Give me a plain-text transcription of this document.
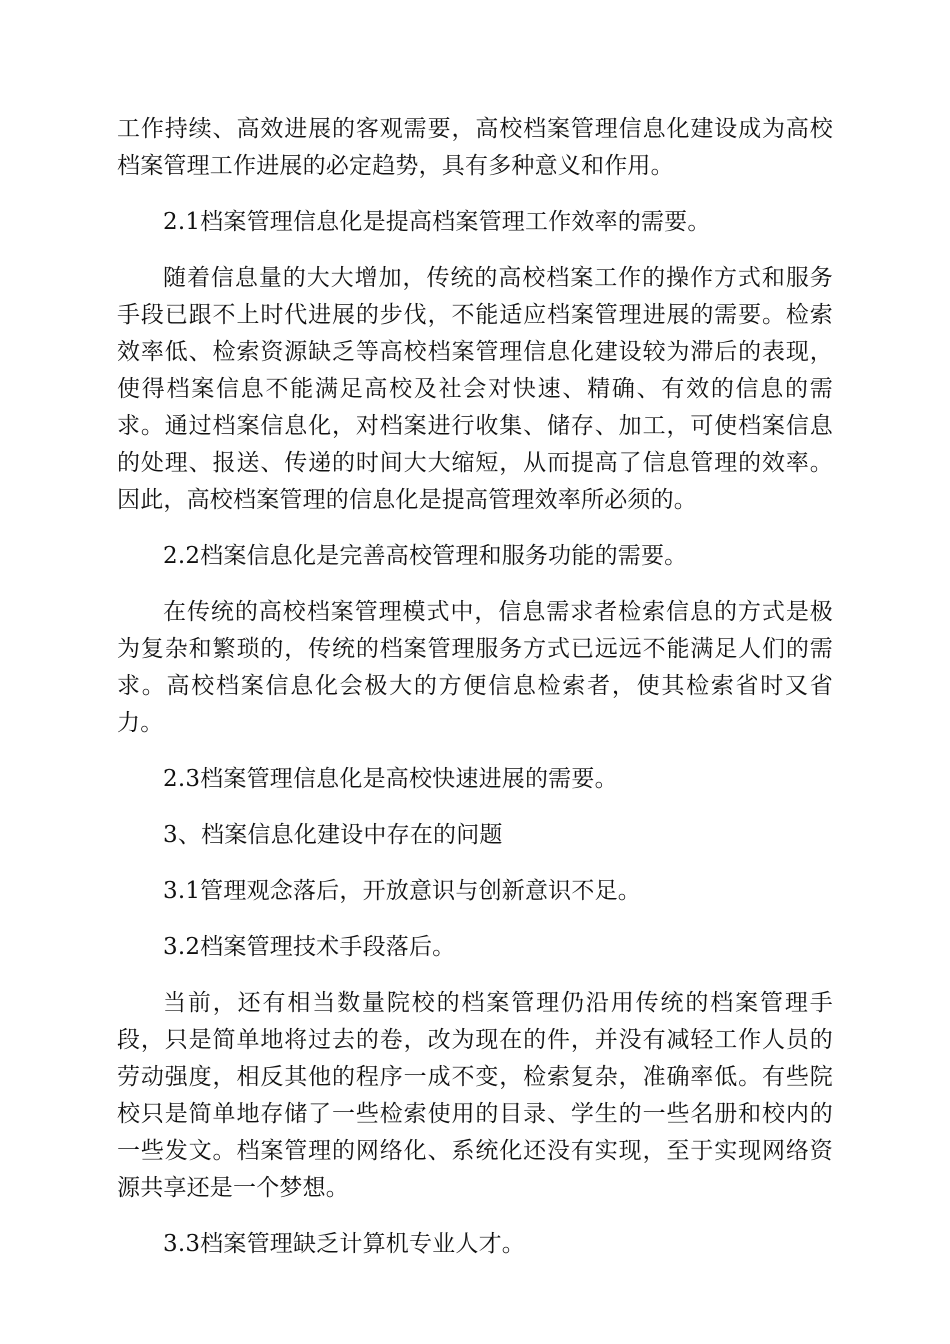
工作持续、高效进展的客观需要，高校档案管理信息化建设成为高校档案管理工作进展的必定趋势，具有多种意义和作用。

2.1档案管理信息化是提高档案管理工作效率的需要。

随着信息量的大大增加，传统的高校档案工作的操作方式和服务手段已跟不上时代进展的步伐，不能适应档案管理进展的需要。检索效率低、检索资源缺乏等高校档案管理信息化建设较为滞后的表现，使得档案信息不能满足高校及社会对快速、精确、有效的信息的需求。通过档案信息化，对档案进行收集、储存、加工，可使档案信息的处理、报送、传递的时间大大缩短，从而提高了信息管理的效率。因此，高校档案管理的信息化是提高管理效率所必须的。

2.2档案信息化是完善高校管理和服务功能的需要。

在传统的高校档案管理模式中，信息需求者检索信息的方式是极为复杂和繁琐的，传统的档案管理服务方式已远远不能满足人们的需求。高校档案信息化会极大的方便信息检索者，使其检索省时又省力。

2.3档案管理信息化是高校快速进展的需要。

3、档案信息化建设中存在的问题

3.1管理观念落后，开放意识与创新意识不足。

3.2档案管理技术手段落后。

当前，还有相当数量院校的档案管理仍沿用传统的档案管理手段，只是简单地将过去的卷，改为现在的件，并没有减轻工作人员的劳动强度，相反其他的程序一成不变，检索复杂，准确率低。有些院校只是简单地存储了一些检索使用的目录、学生的一些名册和校内的一些发文。档案管理的网络化、系统化还没有实现，至于实现网络资源共享还是一个梦想。

3.3档案管理缺乏计算机专业人才。
